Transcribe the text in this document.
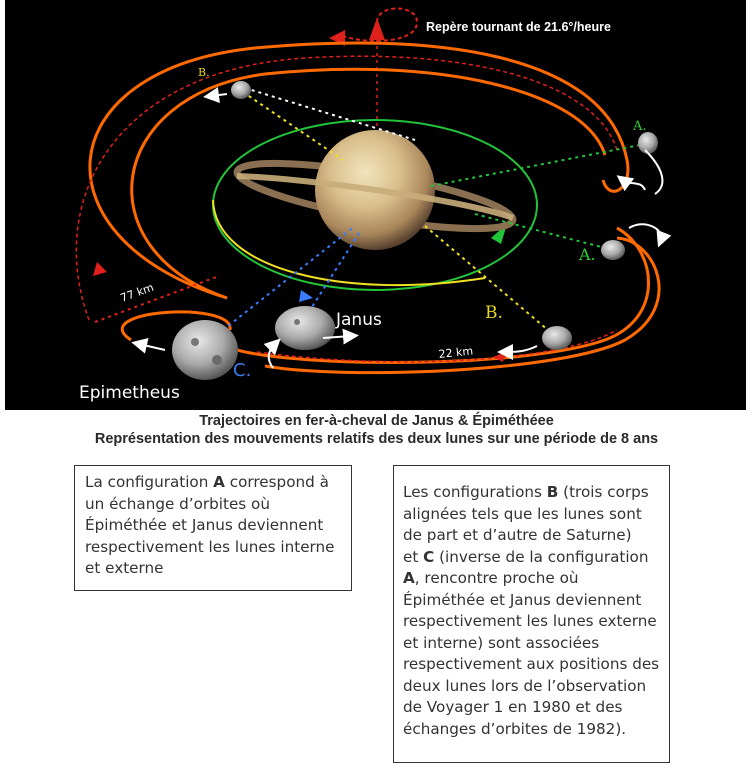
Repère tournant de 21.6°/heure
Epimetheus
Janus
A.
A.
B.
B.
C.
77 km
22 km
Trajectoires en fer-à-cheval de Janus & Épiméthéee
Représentation des mouvements relatifs des deux lunes sur une période de 8 ans
La configuration A correspond à un échange d’orbites où Épiméthée et Janus deviennent respectivement les lunes interne et externe
Les configurations B (trois corps alignées tels que les lunes sont de part et d’autre de Saturne)
et C (inverse de la configuration A, rencontre proche où Épiméthée et Janus deviennent respectivement les lunes externe et interne) sont associées respectivement aux positions des deux lunes lors de l’observation de Voyager 1 en 1980 et des échanges d’orbites de 1982).
